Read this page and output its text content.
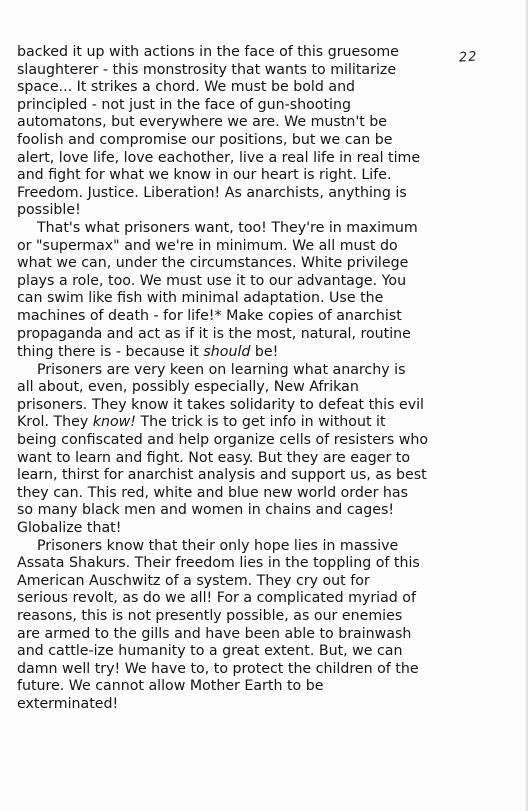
22
backed it up with actions in the face of this gruesome
slaughterer - this monstrosity that wants to militarize
space... It strikes a chord. We must be bold and
principled - not just in the face of gun-shooting
automatons, but everywhere we are. We mustn't be
foolish and compromise our positions, but we can be
alert, love life, love eachother, live a real life in real time
and fight for what we know in our heart is right. Life.
Freedom. Justice. Liberation! As anarchists, anything is
possible!
That's what prisoners want, too! They're in maximum
or "supermax" and we're in minimum. We all must do
what we can, under the circumstances. White privilege
plays a role, too. We must use it to our advantage. You
can swim like fish with minimal adaptation. Use the
machines of death - for life!* Make copies of anarchist
propaganda and act as if it is the most, natural, routine
thing there is - because it should be!
Prisoners are very keen on learning what anarchy is
all about, even, possibly especially, New Afrikan
prisoners. They know it takes solidarity to defeat this evil
Krol. They know! The trick is to get info in without it
being confiscated and help organize cells of resisters who
want to learn and fight. Not easy. But they are eager to
learn, thirst for anarchist analysis and support us, as best
they can. This red, white and blue new world order has
so many black men and women in chains and cages!
Globalize that!
Prisoners know that their only hope lies in massive
Assata Shakurs. Their freedom lies in the toppling of this
American Auschwitz of a system. They cry out for
serious revolt, as do we all! For a complicated myriad of
reasons, this is not presently possible, as our enemies
are armed to the gills and have been able to brainwash
and cattle-ize humanity to a great extent. But, we can
damn well try! We have to, to protect the children of the
future. We cannot allow Mother Earth to be
exterminated!
